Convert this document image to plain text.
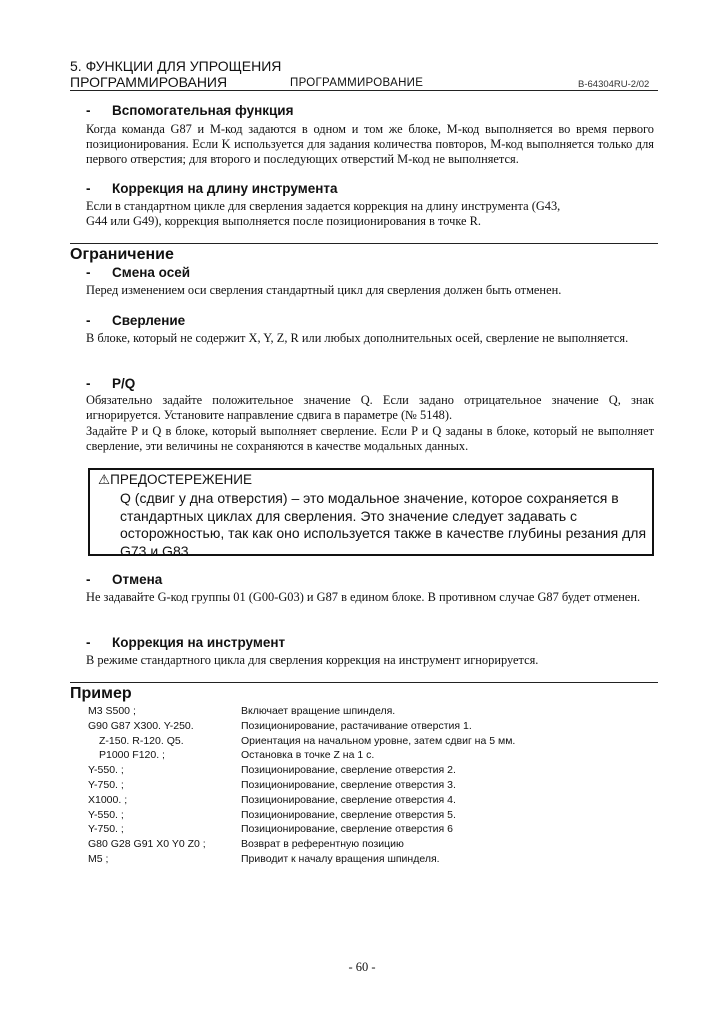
5. ФУНКЦИИ ДЛЯ УПРОЩЕНИЯ
ПРОГРАММИРОВАНИЯ	ПРОГРАММИРОВАНИЕ	B-64304RU-2/02
- Вспомогательная функция
Когда команда G87 и M-код задаются в одном и том же блоке, M-код выполняется во время первого позиционирования. Если K используется для задания количества повторов, M-код выполняется только для первого отверстия; для второго и последующих отверстий M-код не выполняется.
- Коррекция на длину инструмента
Если в стандартном цикле для сверления задается коррекция на длину инструмента (G43, G44 или G49), коррекция выполняется после позиционирования в точке R.
Ограничение
- Смена осей
Перед изменением оси сверления стандартный цикл для сверления должен быть отменен.
- Сверление
В блоке, который не содержит X, Y, Z, R или любых дополнительных осей, сверление не выполняется.
- P/Q
Обязательно задайте положительное значение Q. Если задано отрицательное значение Q, знак игнорируется. Установите направление сдвига в параметре (№ 5148).
Задайте P и Q в блоке, который выполняет сверление. Если P и Q заданы в блоке, который не выполняет сверление, эти величины не сохраняются в качестве модальных данных.
⚠ПРЕДОСТЕРЕЖЕНИЕ
Q (сдвиг у дна отверстия) – это модальное значение, которое сохраняется в стандартных циклах для сверления. Это значение следует задавать с осторожностью, так как оно используется также в качестве глубины резания для G73 и G83.
- Отмена
Не задавайте G-код группы 01 (G00-G03) и G87 в едином блоке. В противном случае G87 будет отменен.
- Коррекция на инструмент
В режиме стандартного цикла для сверления коррекция на инструмент игнорируется.
Пример
M3 S500 ;	Включает вращение шпинделя.
G90 G87 X300. Y-250.	Позиционирование, растачивание отверстия 1.
Z-150. R-120. Q5.	Ориентация на начальном уровне, затем сдвиг на 5 мм.
P1000 F120. ;	Остановка в точке Z на 1 с.
Y-550. ;	Позиционирование, сверление отверстия 2.
Y-750. ;	Позиционирование, сверление отверстия 3.
X1000. ;	Позиционирование, сверление отверстия 4.
Y-550. ;	Позиционирование, сверление отверстия 5.
Y-750. ;	Позиционирование, сверление отверстия 6
G80 G28 G91 X0 Y0 Z0 ;	Возврат в референтную позицию
M5 ;	Приводит к началу вращения шпинделя.
- 60 -
